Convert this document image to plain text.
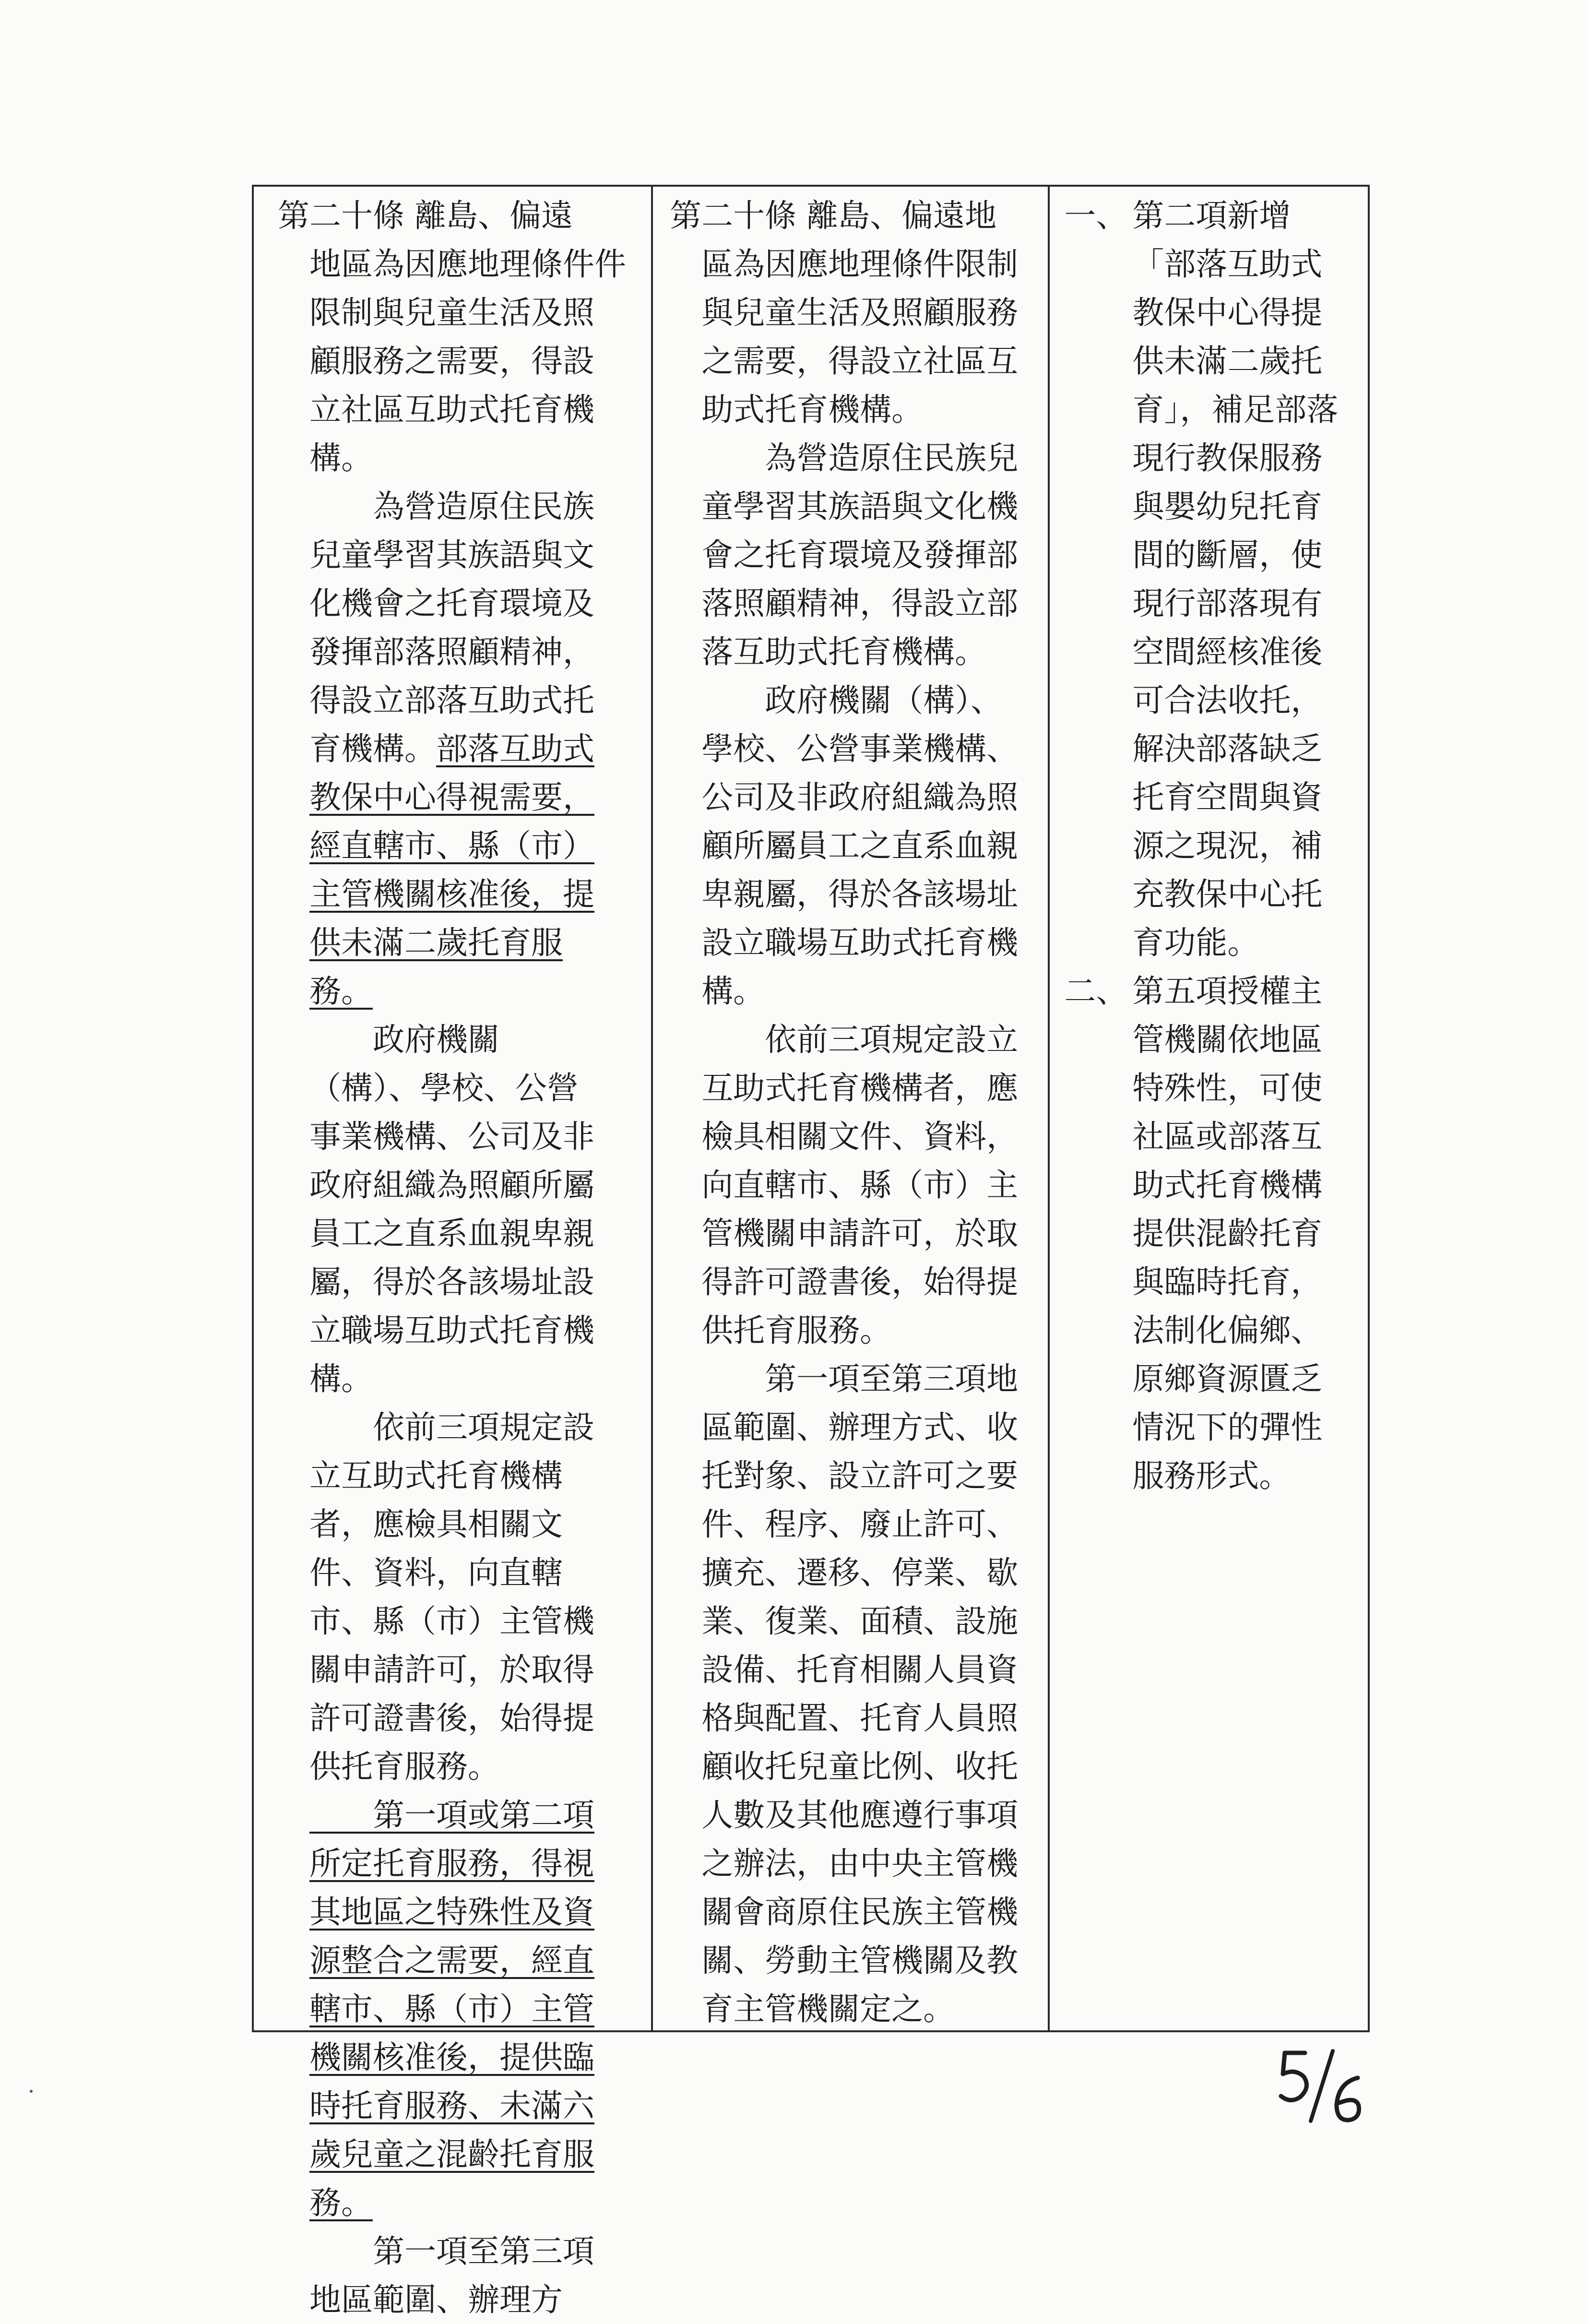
第二十條 離島、偏遠

地區為因應地理條件件
限制與兒童生活及照
顧服務之需要，得設
立社區互助式托育機
構。

　　為營造原住民族
兒童學習其族語與文
化機會之托育環境及
發揮部落照顧精神，
得設立部落互助式托
育機構。部落互助式
教保中心得視需要，
經直轄市、縣（市）
主管機關核准後，提
供未滿二歲托育服
務。

　　政府機關
（構）、學校、公營
事業機構、公司及非
政府組織為照顧所屬
員工之直系血親卑親
屬，得於各該場址設
立職場互助式托育機
構。

　　依前三項規定設
立互助式托育機構
者，應檢具相關文
件、資料，向直轄
市、縣（市）主管機
關申請許可，於取得
許可證書後，始得提
供托育服務。

　　第一項或第二項
所定托育服務，得視
其地區之特殊性及資
源整合之需要，經直
轄市、縣（市）主管
機關核准後，提供臨
時托育服務、未滿六
歲兒童之混齡托育服
務。

　　第一項至第三項
地區範圍、辦理方

第二十條 離島、偏遠地
區為因應地理條件限制
與兒童生活及照顧服務
之需要，得設立社區互
助式托育機構。

　　為營造原住民族兒
童學習其族語與文化機
會之托育環境及發揮部
落照顧精神，得設立部
落互助式托育機構。

　　政府機關（構）、
學校、公營事業機構、
公司及非政府組織為照
顧所屬員工之直系血親
卑親屬，得於各該場址
設立職場互助式托育機
構。

　　依前三項規定設立
互助式托育機構者，應
檢具相關文件、資料，
向直轄市、縣（市）主
管機關申請許可，於取
得許可證書後，始得提
供托育服務。

　　第一項至第三項地
區範圍、辦理方式、收
托對象、設立許可之要
件、程序、廢止許可、
擴充、遷移、停業、歇
業、復業、面積、設施
設備、托育相關人員資
格與配置、托育人員照
顧收托兒童比例、收托
人數及其他應遵行事項
之辦法，由中央主管機
關會商原住民族主管機
關、勞動主管機關及教
育主管機關定之。

一、 第二項新增
「部落互助式
教保中心得提
供未滿二歲托
育」，補足部落
現行教保服務
與嬰幼兒托育
間的斷層，使
現行部落現有
空間經核准後
可合法收托，
解決部落缺乏
托育空間與資
源之現況，補
充教保中心托
育功能。
二、 第五項授權主
管機關依地區
特殊性，可使
社區或部落互
助式托育機構
提供混齡托育
與臨時托育，
法制化偏鄉、
原鄉資源匱乏
情況下的彈性
服務形式。
